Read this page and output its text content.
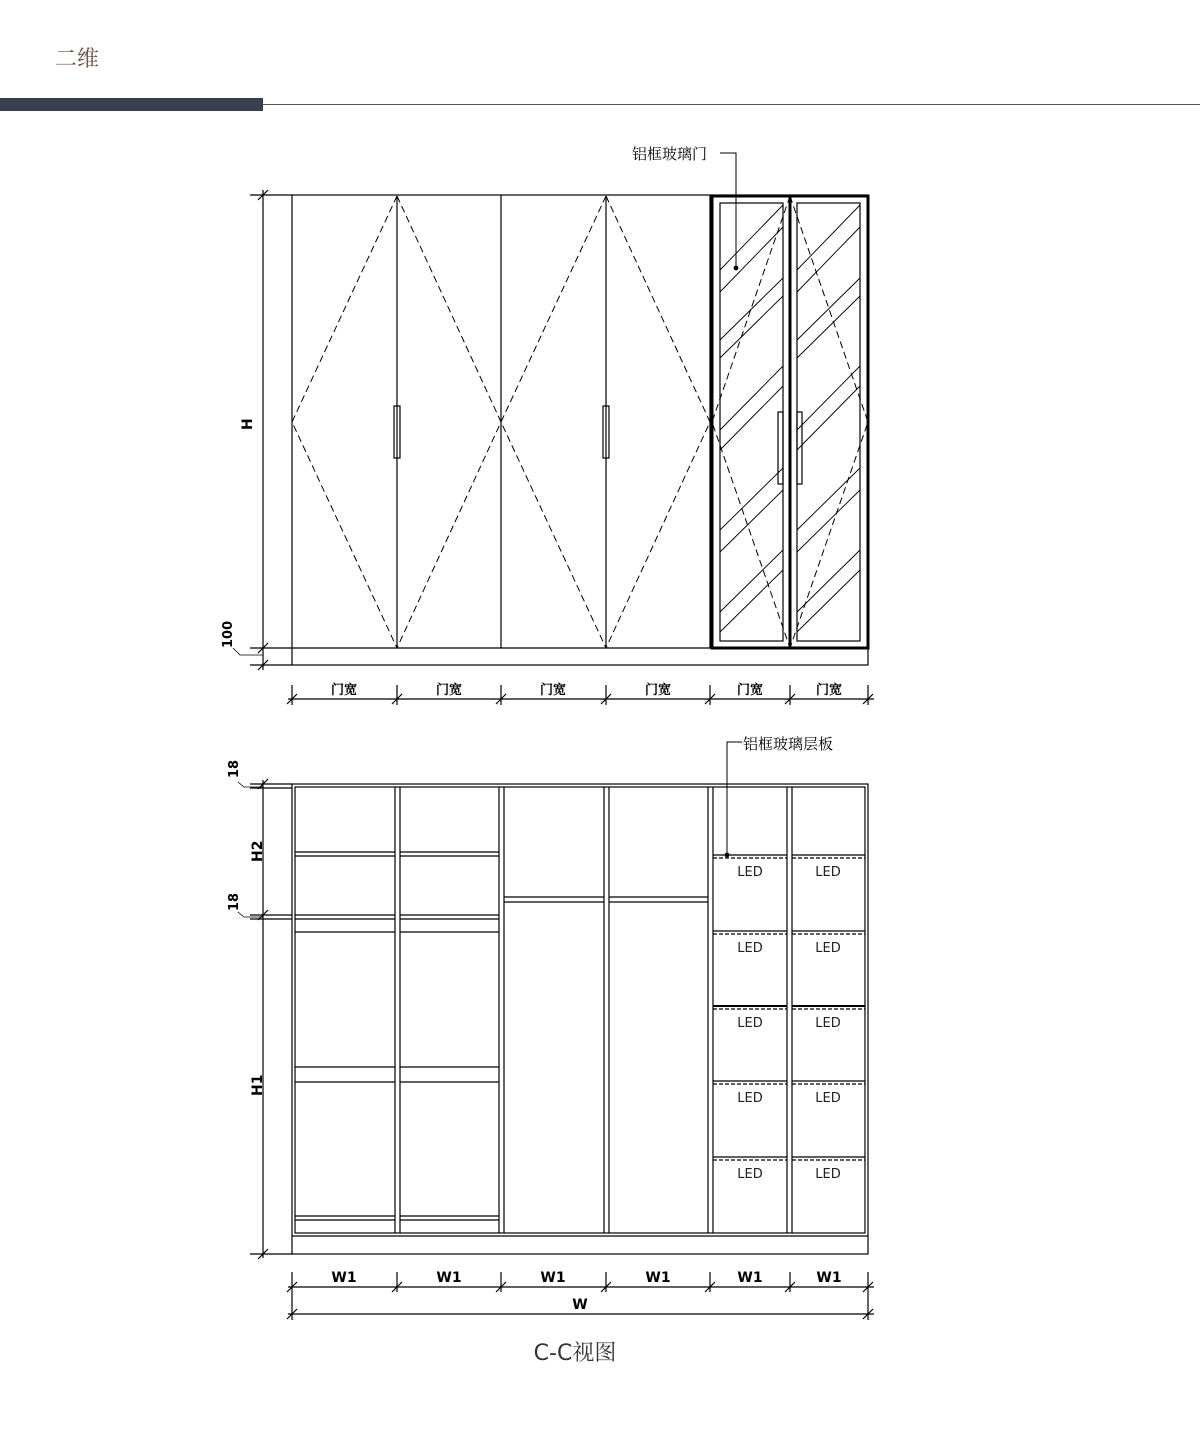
二维
铝框玻璃门
H
100
门宽	门宽	门宽	门宽	门宽	门宽
铝框玻璃层板
18
H2
18
H1
LED	LED
LED	LED
LED	LED
LED	LED
LED	LED
W1	W1	W1	W1	W1	W1
W
C-C视图
